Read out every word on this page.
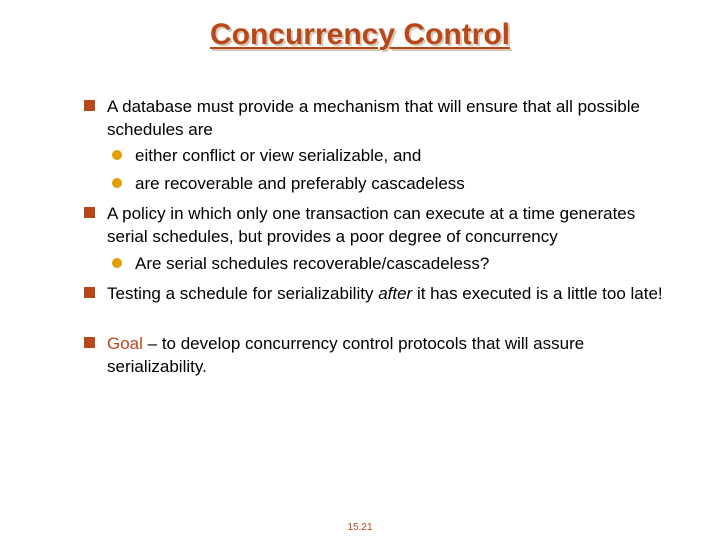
Concurrency Control
A database must provide a mechanism that will ensure that all possible schedules are
either conflict or view serializable, and
are recoverable and preferably cascadeless
A policy in which only one transaction can execute at a time generates serial schedules, but provides a poor degree of concurrency
Are serial schedules recoverable/cascadeless?
Testing a schedule for serializability after it has executed is a little too late!
Goal – to develop concurrency control protocols that will assure serializability.
15.21
